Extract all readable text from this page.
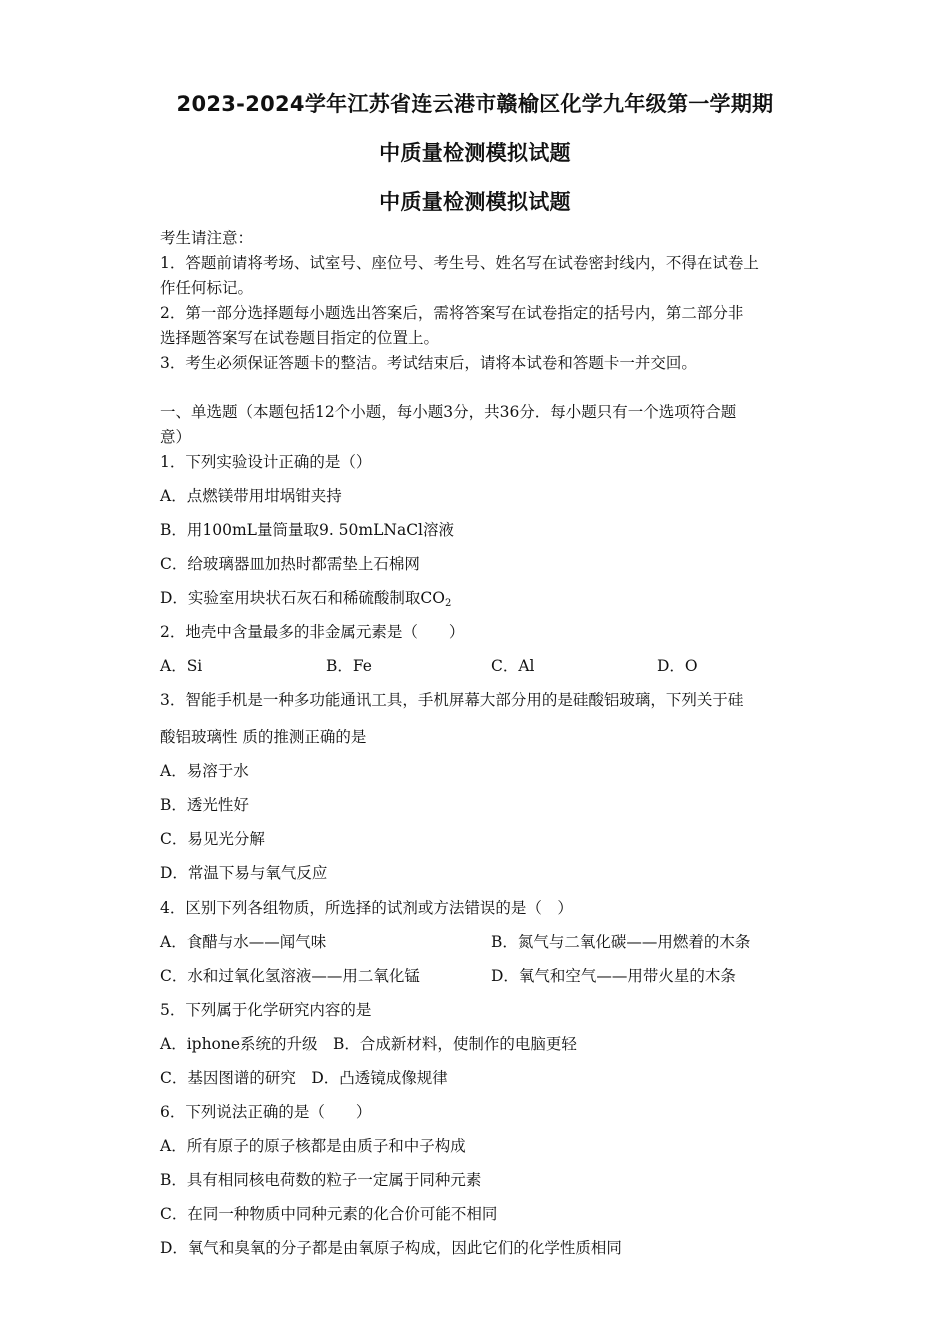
2023-2024学年江苏省连云港市赣榆区化学九年级第一学期期
中质量检测模拟试题
中质量检测模拟试题
考生请注意：
1．答题前请将考场、试室号、座位号、考生号、姓名写在试卷密封线内，不得在试卷上
作任何标记。
2．第一部分选择题每小题选出答案后，需将答案写在试卷指定的括号内，第二部分非
选择题答案写在试卷题目指定的位置上。
3．考生必须保证答题卡的整洁。考试结束后，请将本试卷和答题卡一并交回。
一、单选题（本题包括12个小题，每小题3分，共36分．每小题只有一个选项符合题
意）
1．下列实验设计正确的是（）
A．点燃镁带用坩埚钳夹持
B．用100mL量筒量取9. 50mLNaCl溶液
C．给玻璃器皿加热时都需垫上石棉网
D．实验室用块状石灰石和稀硫酸制取$CO_2$
2．地壳中含量最多的非金属元素是（　　）
A．Si	B．Fe	C．Al	D．O
3．智能手机是一种多功能通讯工具，手机屏幕大部分用的是硅酸铝玻璃，下列关于硅
酸铝玻璃性 质的推测正确的是
A．易溶于水
B．透光性好
C．易见光分解
D．常温下易与氧气反应
4．区别下列各组物质，所选择的试剂或方法错误的是（　）
A．食醋与水——闻气味	B．氮气与二氧化碳——用燃着的木条
C．水和过氧化氢溶液——用二氧化锰	D．氧气和空气——用带火星的木条
5．下列属于化学研究内容的是
A．iphone系统的升级　B．合成新材料，使制作的电脑更轻
C．基因图谱的研究　D．凸透镜成像规律
6．下列说法正确的是（　　）
A．所有原子的原子核都是由质子和中子构成
B．具有相同核电荷数的粒子一定属于同种元素
C．在同一种物质中同种元素的化合价可能不相同
D．氧气和臭氧的分子都是由氧原子构成，因此它们的化学性质相同
